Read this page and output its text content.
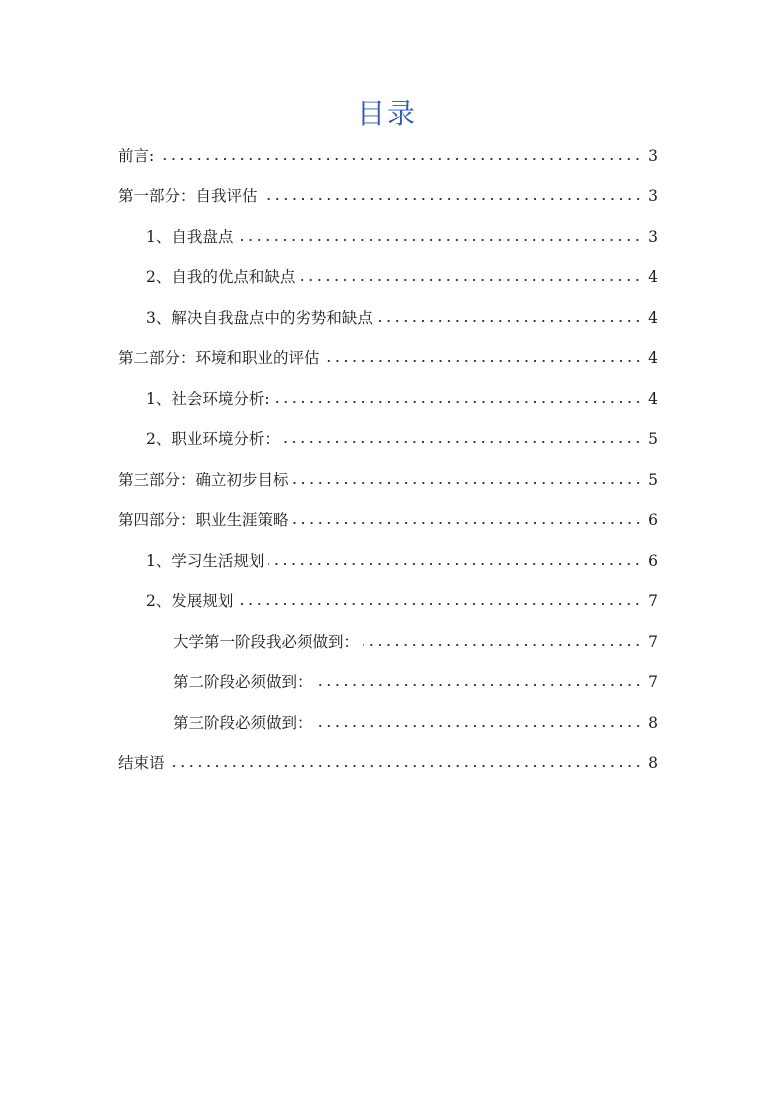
目录
前言:	3
第一部分：自我评估	3
1、自我盘点	3
2、自我的优点和缺点	4
3、解决自我盘点中的劣势和缺点	4
第二部分：环境和职业的评估	4
1、社会环境分析:	4
2、职业环境分析：	5
第三部分：确立初步目标	5
第四部分：职业生涯策略	6
1、学习生活规划	6
2、发展规划	7
大学第一阶段我必须做到：	7
第二阶段必须做到：	7
第三阶段必须做到：	8
结束语	8
